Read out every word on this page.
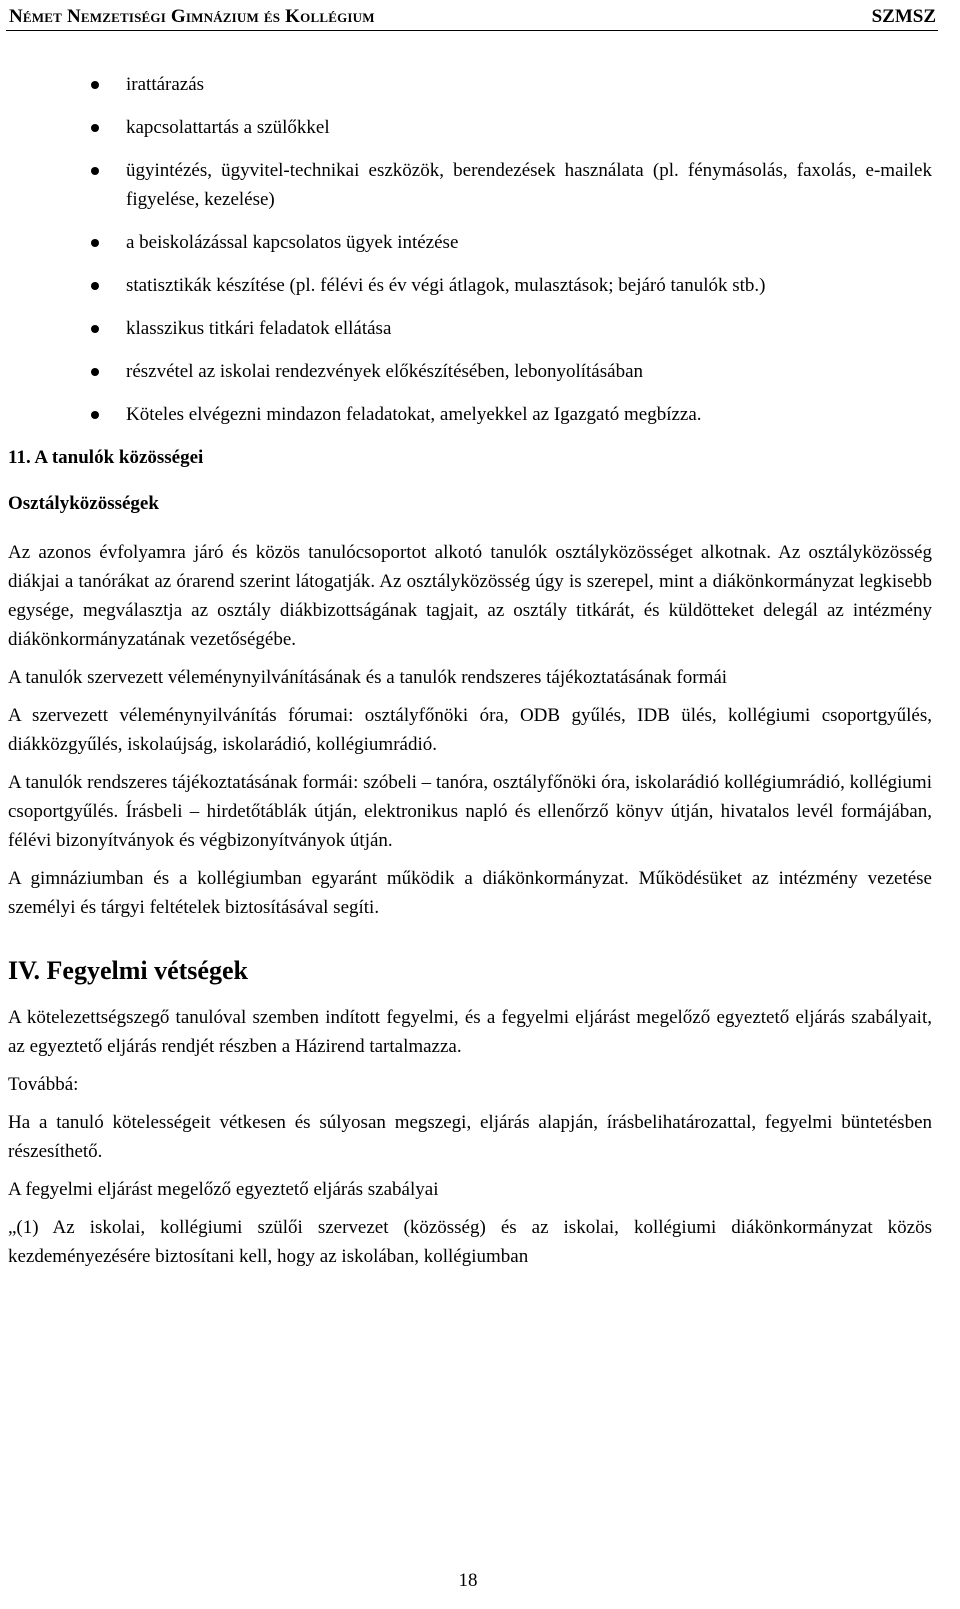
Német Nemzetiségi Gimnázium és Kollégium	SZMSZ
irattárazás
kapcsolattartás a szülőkkel
ügyintézés, ügyvitel-technikai eszközök, berendezések használata (pl. fénymásolás, faxolás, e-mailek figyelése, kezelése)
a beiskolázással kapcsolatos ügyek intézése
statisztikák készítése (pl. félévi és év végi átlagok, mulasztások; bejáró tanulók stb.)
klasszikus titkári feladatok ellátása
részvétel az iskolai rendezvények előkészítésében, lebonyolításában
Köteles elvégezni mindazon feladatokat, amelyekkel az Igazgató megbízza.
11. A tanulók közösségei
Osztályközösségek

Az azonos évfolyamra járó és közös tanulócsoportot alkotó tanulók osztályközösséget alkotnak. Az osztályközösség diákjai a tanórákat az órarend szerint látogatják. Az osztályközösség úgy is szerepel, mint a diákönkormányzat legkisebb egysége, megválasztja az osztály diákbizottságának tagjait, az osztály titkárát, és küldötteket delegál az intézmény diákönkormányzatának vezetőségébe.

A tanulók szervezett véleménynyilvánításának és a tanulók rendszeres tájékoztatásának formái

A szervezett véleménynyilvánítás fórumai: osztályfőnöki óra, ODB gyűlés, IDB ülés, kollégiumi csoportgyűlés, diákközgyűlés, iskolaújság, iskolarádió, kollégiumrádió.

A tanulók rendszeres tájékoztatásának formái: szóbeli – tanóra, osztályfőnöki óra, iskolarádió kollégiumrádió, kollégiumi csoportgyűlés. Írásbeli – hirdetőtáblák útján, elektronikus napló és ellenőrző könyv útján, hivatalos levél formájában, félévi bizonyítványok és végbizonyítványok útján.

A gimnáziumban és a kollégiumban egyaránt működik a diákönkormányzat. Működésüket az intézmény vezetése személyi és tárgyi feltételek biztosításával segíti.

IV. Fegyelmi vétségek

A kötelezettségszegő tanulóval szemben indított fegyelmi, és a fegyelmi eljárást megelőző egyeztető eljárás szabályait, az egyeztető eljárás rendjét részben a Házirend tartalmazza.

Továbbá:

Ha a tanuló kötelességeit vétkesen és súlyosan megszegi, eljárás alapján, írásbelihatározattal, fegyelmi büntetésben részesíthető.

A fegyelmi eljárást megelőző egyeztető eljárás szabályai

„(1) Az iskolai, kollégiumi szülői szervezet (közösség) és az iskolai, kollégiumi diákönkormányzat közös kezdeményezésére biztosítani kell, hogy az iskolában, kollégiumban

18
